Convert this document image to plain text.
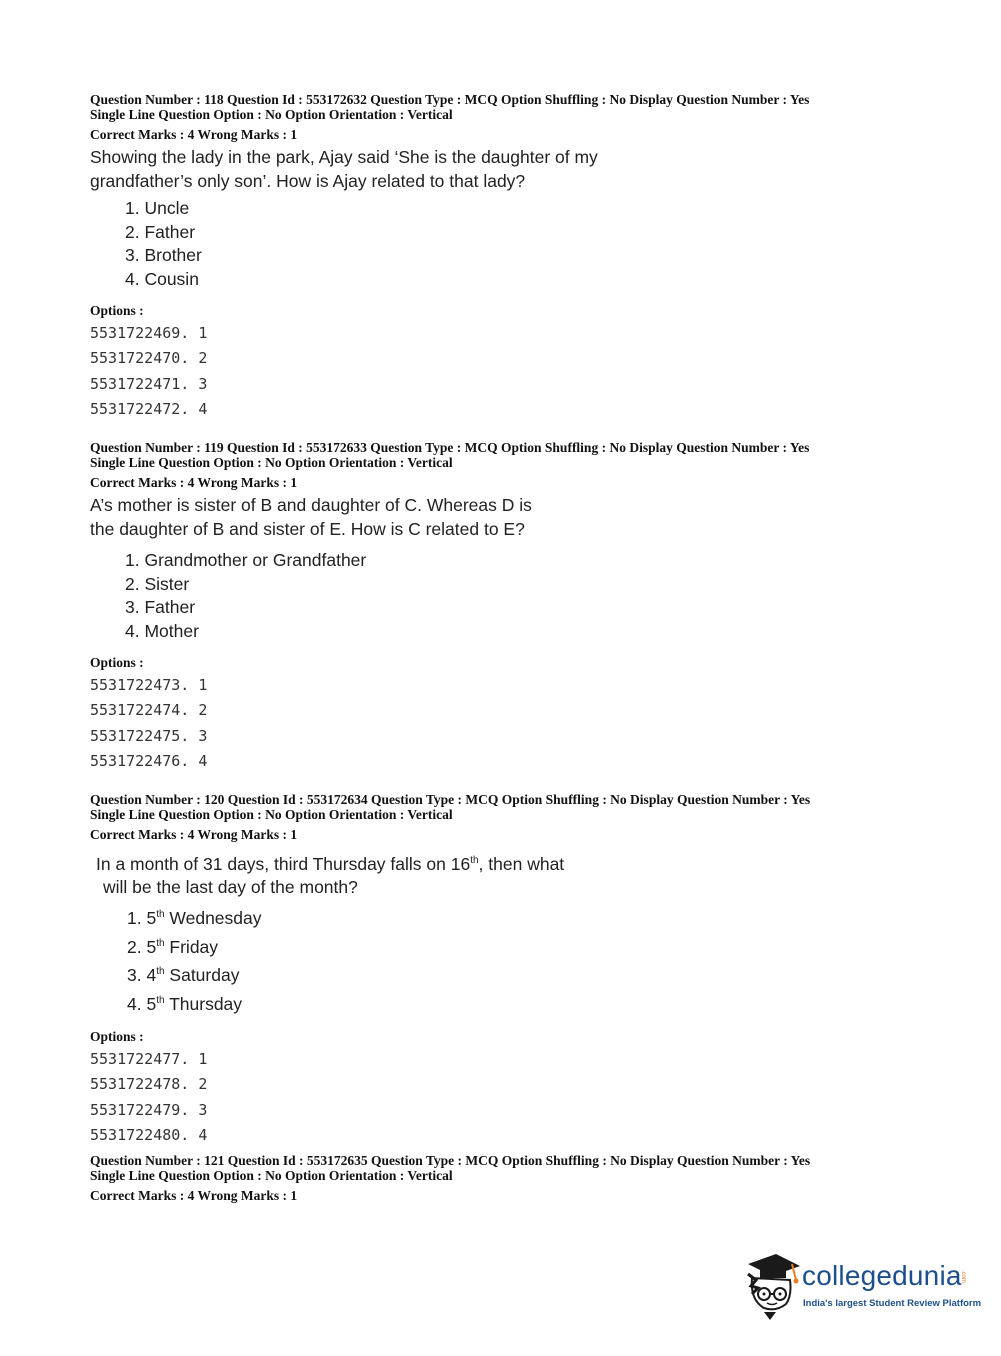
Question Number : 118 Question Id : 553172632 Question Type : MCQ Option Shuffling : No Display Question Number : Yes
Single Line Question Option : No Option Orientation : Vertical
Correct Marks : 4 Wrong Marks : 1
Showing the lady in the park, Ajay said ‘She is the daughter of my
grandfather’s only son’. How is Ajay related to that lady?
1. Uncle
2. Father
3. Brother
4. Cousin
Options :
5531722469. 1
5531722470. 2
5531722471. 3
5531722472. 4
Question Number : 119 Question Id : 553172633 Question Type : MCQ Option Shuffling : No Display Question Number : Yes
Single Line Question Option : No Option Orientation : Vertical
Correct Marks : 4 Wrong Marks : 1
A’s mother is sister of B and daughter of C. Whereas D is
the daughter of B and sister of E. How is C related to E?
1. Grandmother or Grandfather
2. Sister
3. Father
4. Mother
Options :
5531722473. 1
5531722474. 2
5531722475. 3
5531722476. 4
Question Number : 120 Question Id : 553172634 Question Type : MCQ Option Shuffling : No Display Question Number : Yes
Single Line Question Option : No Option Orientation : Vertical
Correct Marks : 4 Wrong Marks : 1
In a month of 31 days, third Thursday falls on 16th, then what
will be the last day of the month?
1. 5th Wednesday
2. 5th Friday
3. 4th Saturday
4. 5th Thursday
Options :
5531722477. 1
5531722478. 2
5531722479. 3
5531722480. 4
Question Number : 121 Question Id : 553172635 Question Type : MCQ Option Shuffling : No Display Question Number : Yes
Single Line Question Option : No Option Orientation : Vertical
Correct Marks : 4 Wrong Marks : 1
collegedunia
.com
India's largest Student Review Platform
